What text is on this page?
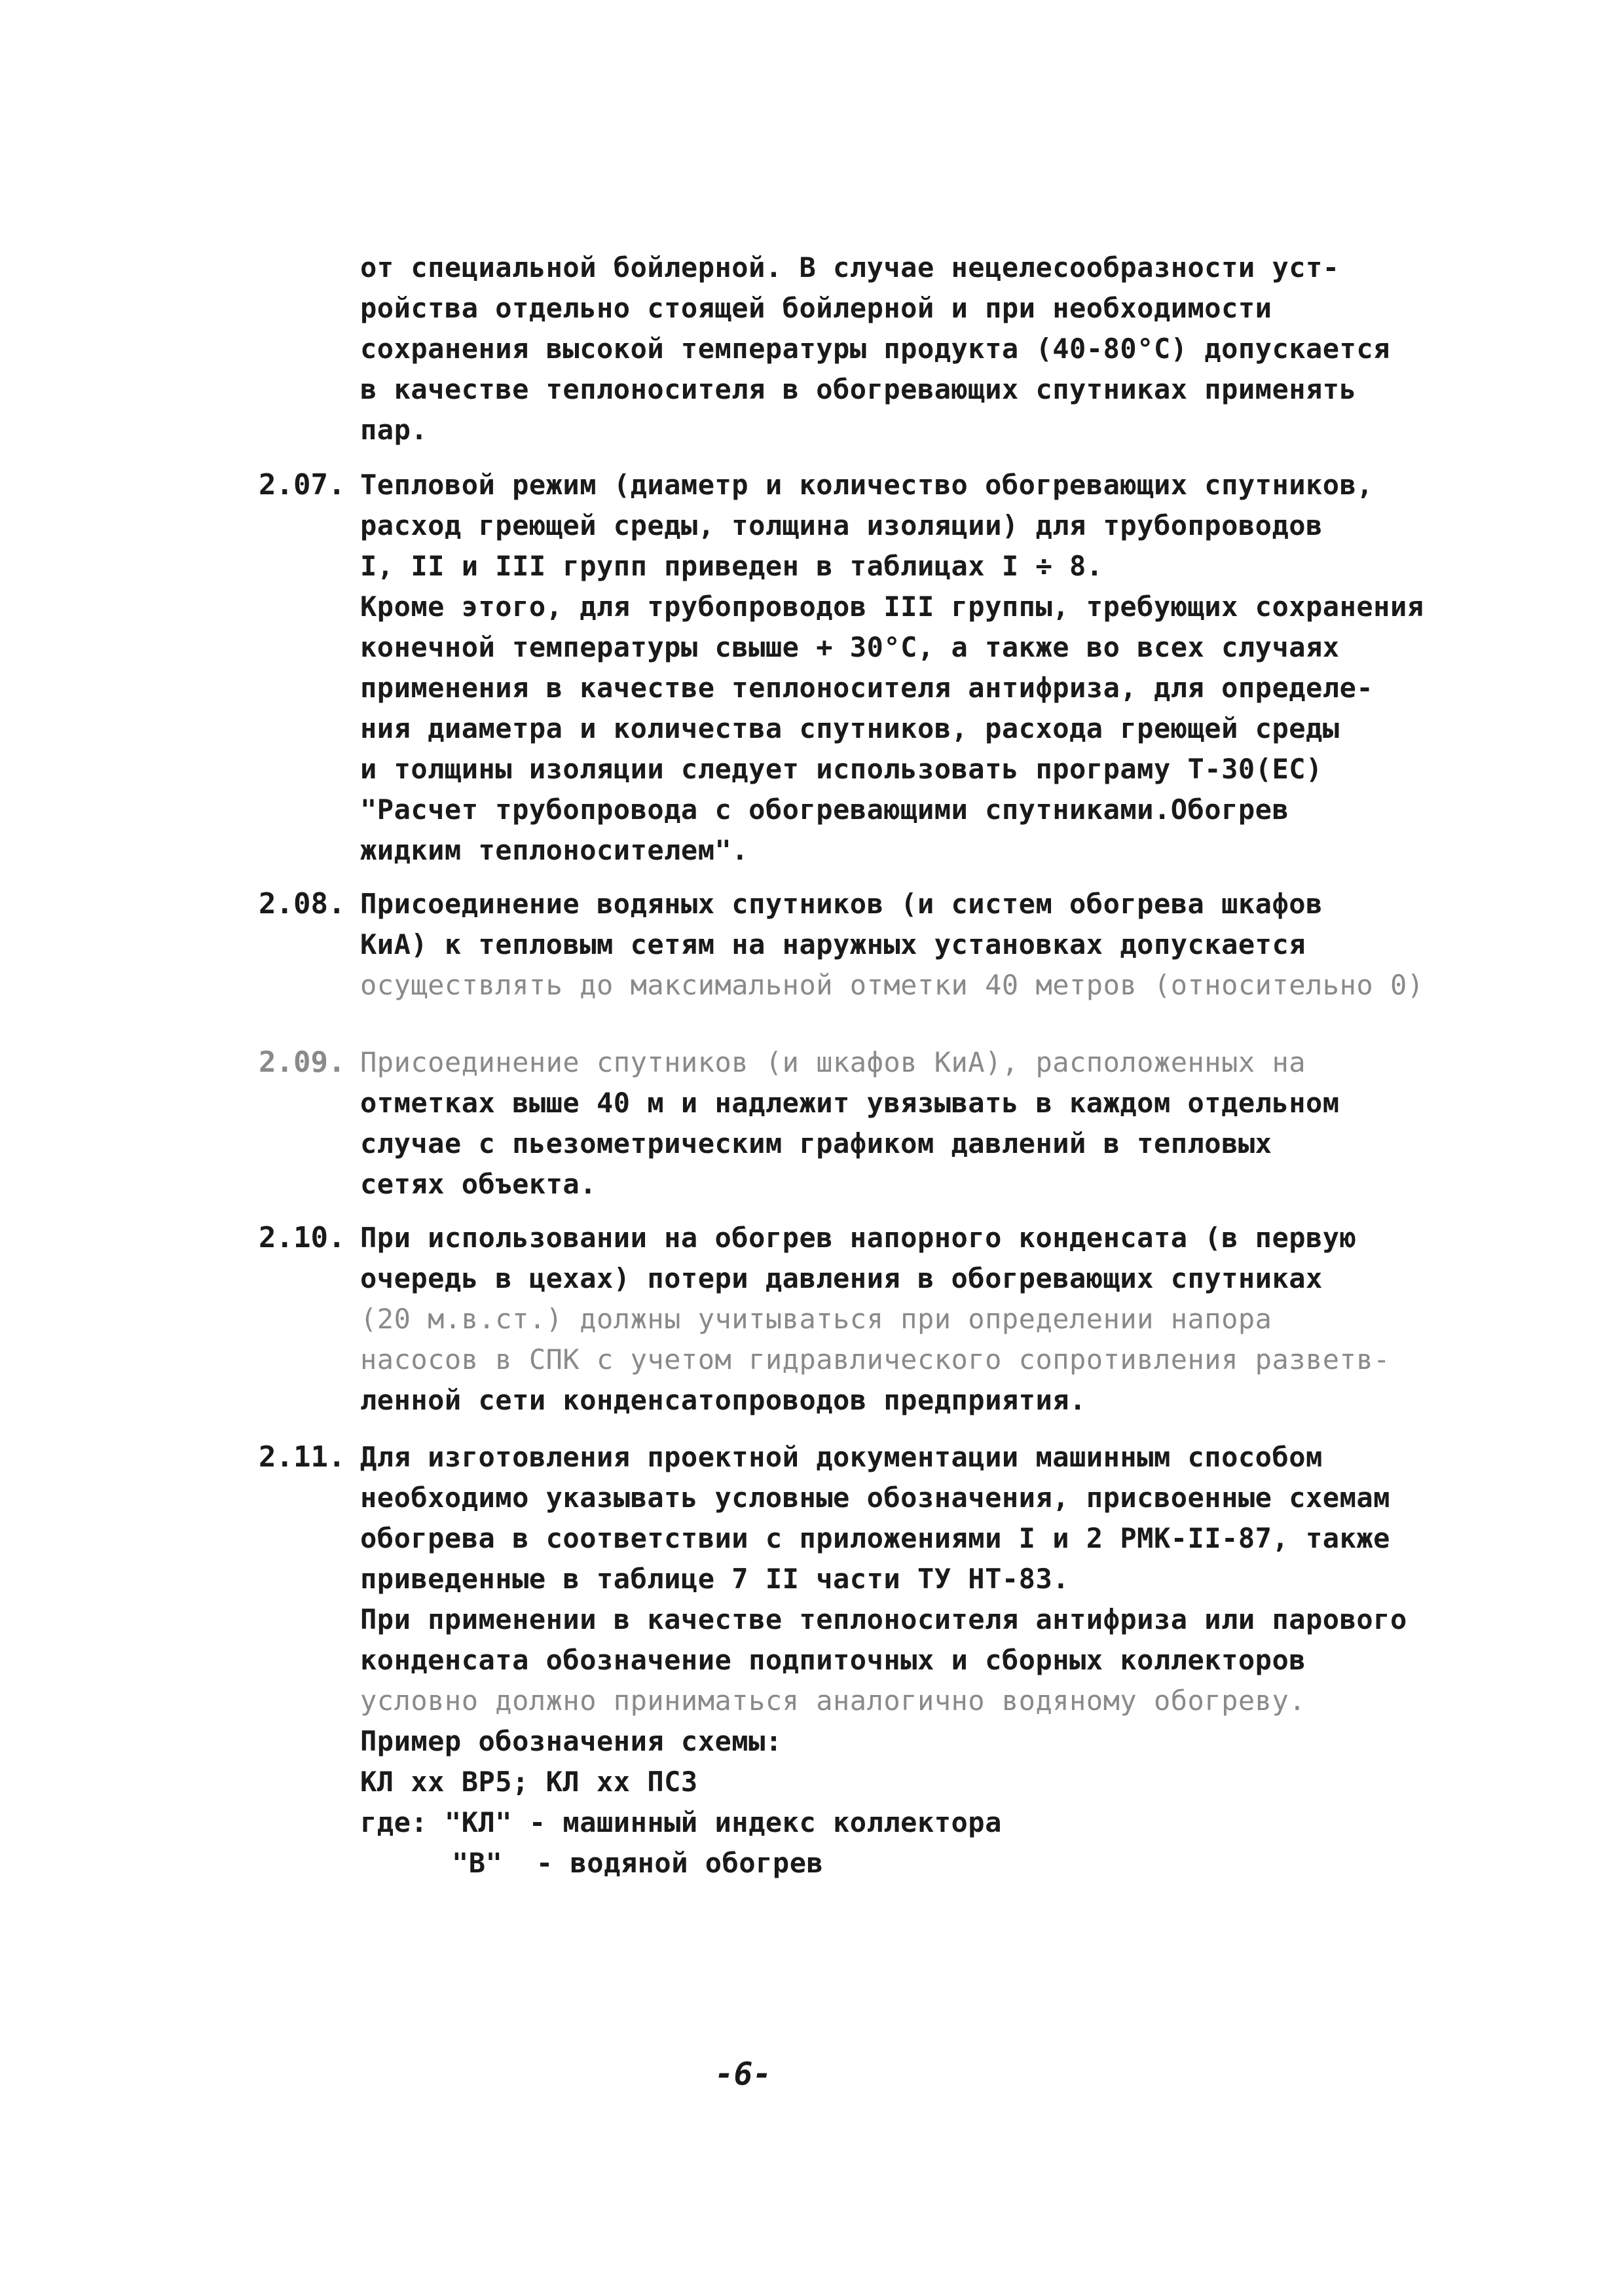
от специальной бойлерной. В случае нецелесообразности уст-
ройства отдельно стоящей бойлерной и при необходимости
сохранения высокой температуры продукта (40-80°С) допускается
в качестве теплоносителя в обогревающих спутниках применять
пар.
2.07. Тепловой режим (диаметр и количество обогревающих спутников,
расход греющей среды, толщина изоляции) для трубопроводов
I, II и III групп приведен в таблицах I ÷ 8.
Кроме этого, для трубопроводов III группы, требующих сохранения
конечной температуры свыше + 30°С, а также во всех случаях
применения в качестве теплоносителя антифриза, для определе-
ния диаметра и количества спутников, расхода греющей среды
и толщины изоляции следует использовать програму Т-30(ЕС)
"Расчет трубопровода с обогревающими спутниками.Обогрев
жидким теплоносителем".
2.08. Присоединение водяных спутников (и систем обогрева шкафов
КиА) к тепловым сетям на наружных установках допускается
осуществлять до максимальной отметки 40 метров (относительно 0)
2.09. Присоединение спутников (и шкафов КиА), расположенных на
отметках выше 40 м и надлежит увязывать в каждом отдельном
случае с пьезометрическим графиком давлений в тепловых
сетях объекта.
2.10. При использовании на обогрев напорного конденсата (в первую
очередь в цехах) потери давления в обогревающих спутниках
(20 м.в.ст.) должны учитываться при определении напора
насосов в СПК с учетом гидравлического сопротивления разветв-
ленной сети конденсатопроводов предприятия.
2.11. Для изготовления проектной документации машинным способом
необходимо указывать условные обозначения, присвоенные схемам
обогрева в соответствии с приложениями I и 2 РМК-II-87, также
приведенные в таблице 7 II части ТУ НТ-83.
При применении в качестве теплоносителя антифриза или парового
конденсата обозначение подпиточных и сборных коллекторов
условно должно приниматься аналогично водяному обогреву.
Пример обозначения схемы:
КЛ хх ВР5; КЛ хх ПСЗ
где: "КЛ" - машинный индекс коллектора
"В"  - водяной обогрев
-6-
